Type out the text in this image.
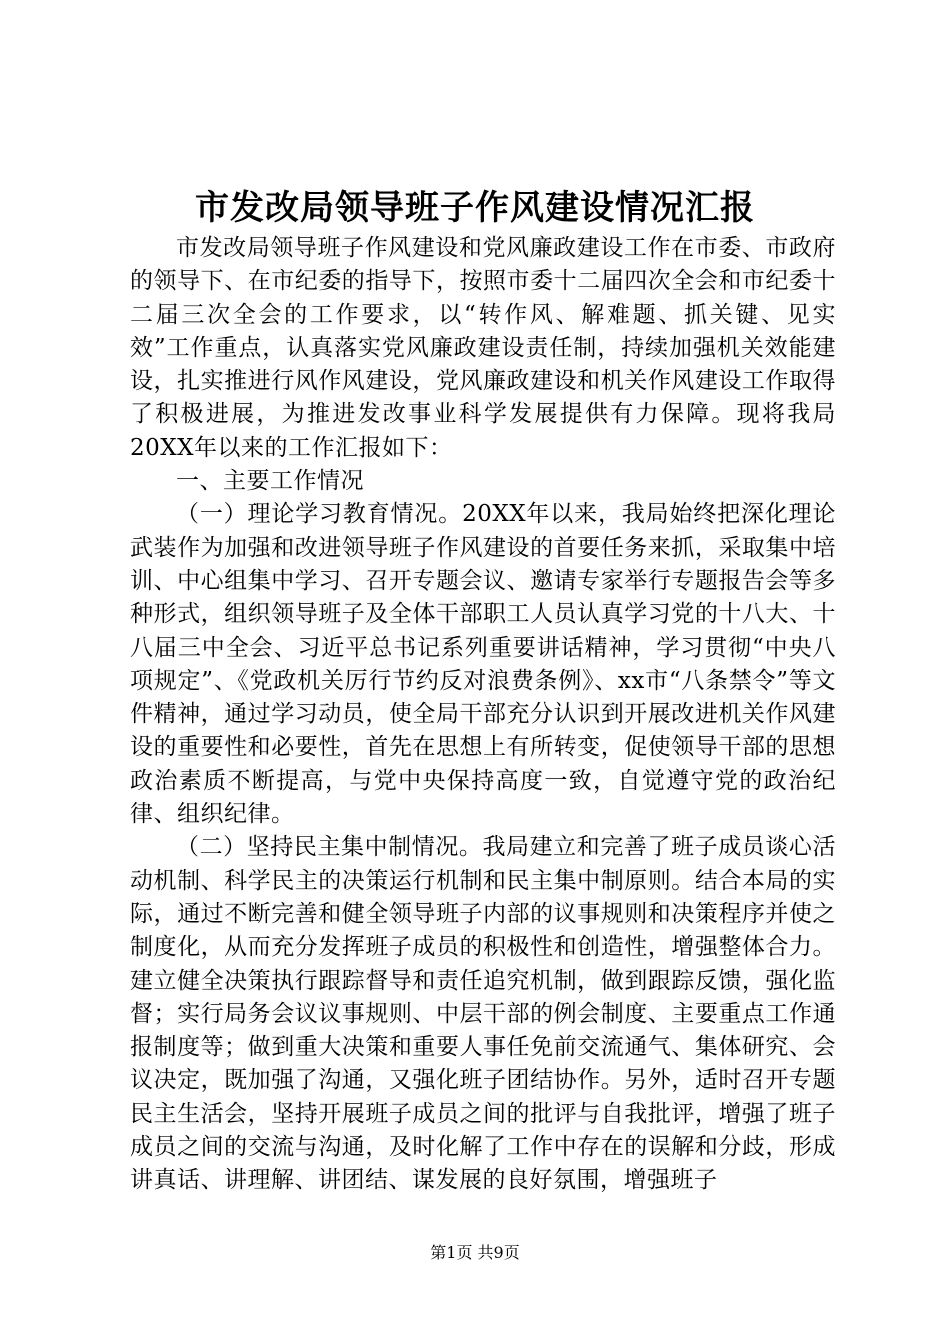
市发改局领导班子作风建设情况汇报

市发改局领导班子作风建设和党风廉政建设工作在市委、市政府的领导下、在市纪委的指导下，按照市委十二届四次全会和市纪委十二届三次全会的工作要求，以“转作风、解难题、抓关键、见实效”工作重点，认真落实党风廉政建设责任制，持续加强机关效能建设，扎实推进行风作风建设，党风廉政建设和机关作风建设工作取得了积极进展，为推进发改事业科学发展提供有力保障。现将我局20XX年以来的工作汇报如下：

一、主要工作情况

（一）理论学习教育情况。20XX年以来，我局始终把深化理论武装作为加强和改进领导班子作风建设的首要任务来抓，采取集中培训、中心组集中学习、召开专题会议、邀请专家举行专题报告会等多种形式，组织领导班子及全体干部职工人员认真学习党的十八大、十八届三中全会、习近平总书记系列重要讲话精神，学习贯彻“中央八项规定”、《党政机关厉行节约反对浪费条例》、xx市“八条禁令”等文件精神，通过学习动员，使全局干部充分认识到开展改进机关作风建设的重要性和必要性，首先在思想上有所转变，促使领导干部的思想政治素质不断提高，与党中央保持高度一致，自觉遵守党的政治纪律、组织纪律。

（二）坚持民主集中制情况。我局建立和完善了班子成员谈心活动机制、科学民主的决策运行机制和民主集中制原则。结合本局的实际，通过不断完善和健全领导班子内部的议事规则和决策程序并使之制度化，从而充分发挥班子成员的积极性和创造性，增强整体合力。建立健全决策执行跟踪督导和责任追究机制，做到跟踪反馈，强化监督；实行局务会议议事规则、中层干部的例会制度、主要重点工作通报制度等；做到重大决策和重要人事任免前交流通气、集体研究、会议决定，既加强了沟通，又强化班子团结协作。另外，适时召开专题民主生活会，坚持开展班子成员之间的批评与自我批评，增强了班子成员之间的交流与沟通，及时化解了工作中存在的误解和分歧，形成讲真话、讲理解、讲团结、谋发展的良好氛围，增强班子

第1页 共9页
